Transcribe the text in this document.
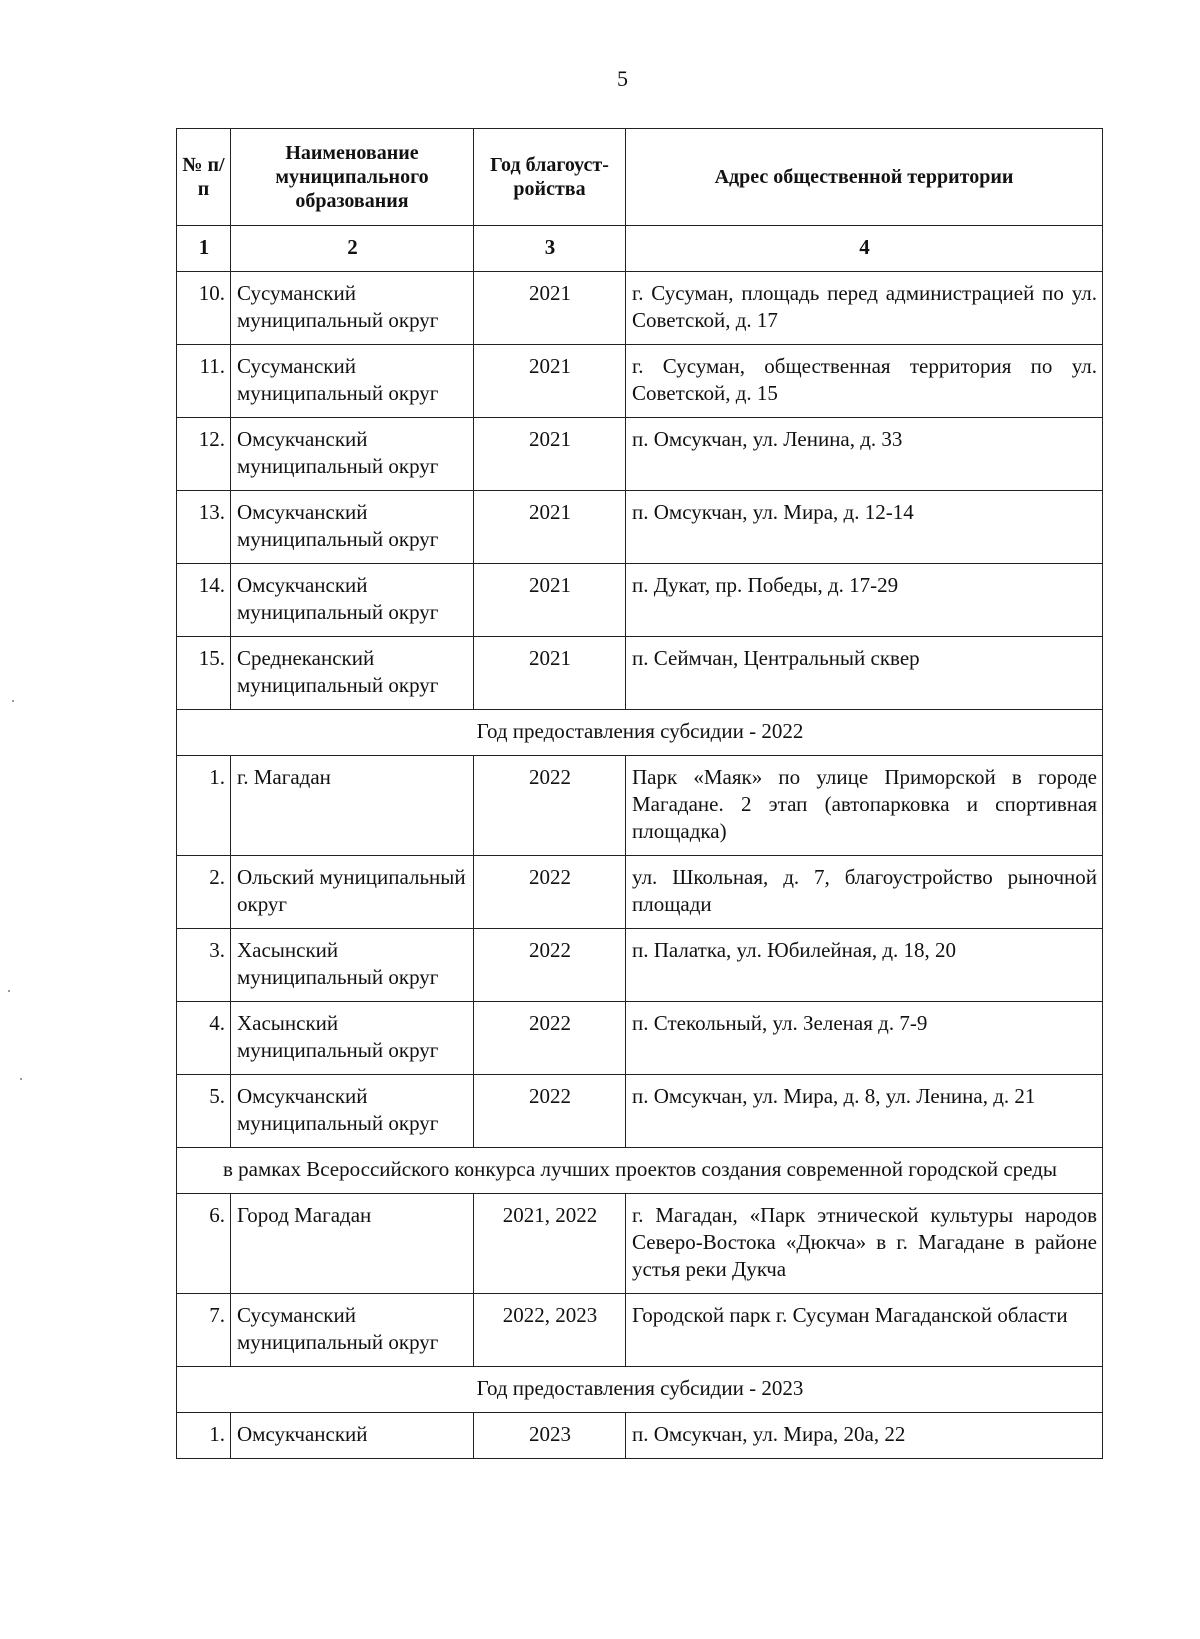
5
№ п/п	Наименование муниципального образования	Год благоуст-ройства	Адрес общественной территории
1	2	3	4
10.	Сусуманский муниципальный округ	2021	г. Сусуман, площадь перед администрацией по ул. Советской, д. 17
11.	Сусуманский муниципальный округ	2021	г. Сусуман, общественная территория по ул. Советской, д. 15
12.	Омсукчанский муниципальный округ	2021	п. Омсукчан, ул. Ленина, д. 33
13.	Омсукчанский муниципальный округ	2021	п. Омсукчан, ул. Мира, д. 12-14
14.	Омсукчанский муниципальный округ	2021	п. Дукат, пр. Победы, д. 17-29
15.	Среднеканский муниципальный округ	2021	п. Сеймчан, Центральный сквер
Год предоставления субсидии - 2022			
1.	г. Магадан	2022	Парк «Маяк» по улице Приморской в городе Магадане. 2 этап (автопарковка и спортивная площадка)
2.	Ольский муниципальный округ	2022	ул. Школьная, д. 7, благоустройство рыночной площади
3.	Хасынский муниципальный округ	2022	п. Палатка, ул. Юбилейная, д. 18, 20
4.	Хасынский муниципальный округ	2022	п. Стекольный, ул. Зеленая д. 7-9
5.	Омсукчанский муниципальный округ	2022	п. Омсукчан, ул. Мира, д. 8, ул. Ленина, д. 21
в рамках Всероссийского конкурса лучших проектов создания современной городской среды			
6.	Город Магадан	2021, 2022	г. Магадан, «Парк этнической культуры народов Северо-Востока «Дюкча» в г. Магадане в районе устья реки Дукча
7.	Сусуманский муниципальный округ	2022, 2023	Городской парк г. Сусуман Магаданской области
Год предоставления субсидии - 2023			
1.	Омсукчанский	2023	п. Омсукчан, ул. Мира, 20а, 22
